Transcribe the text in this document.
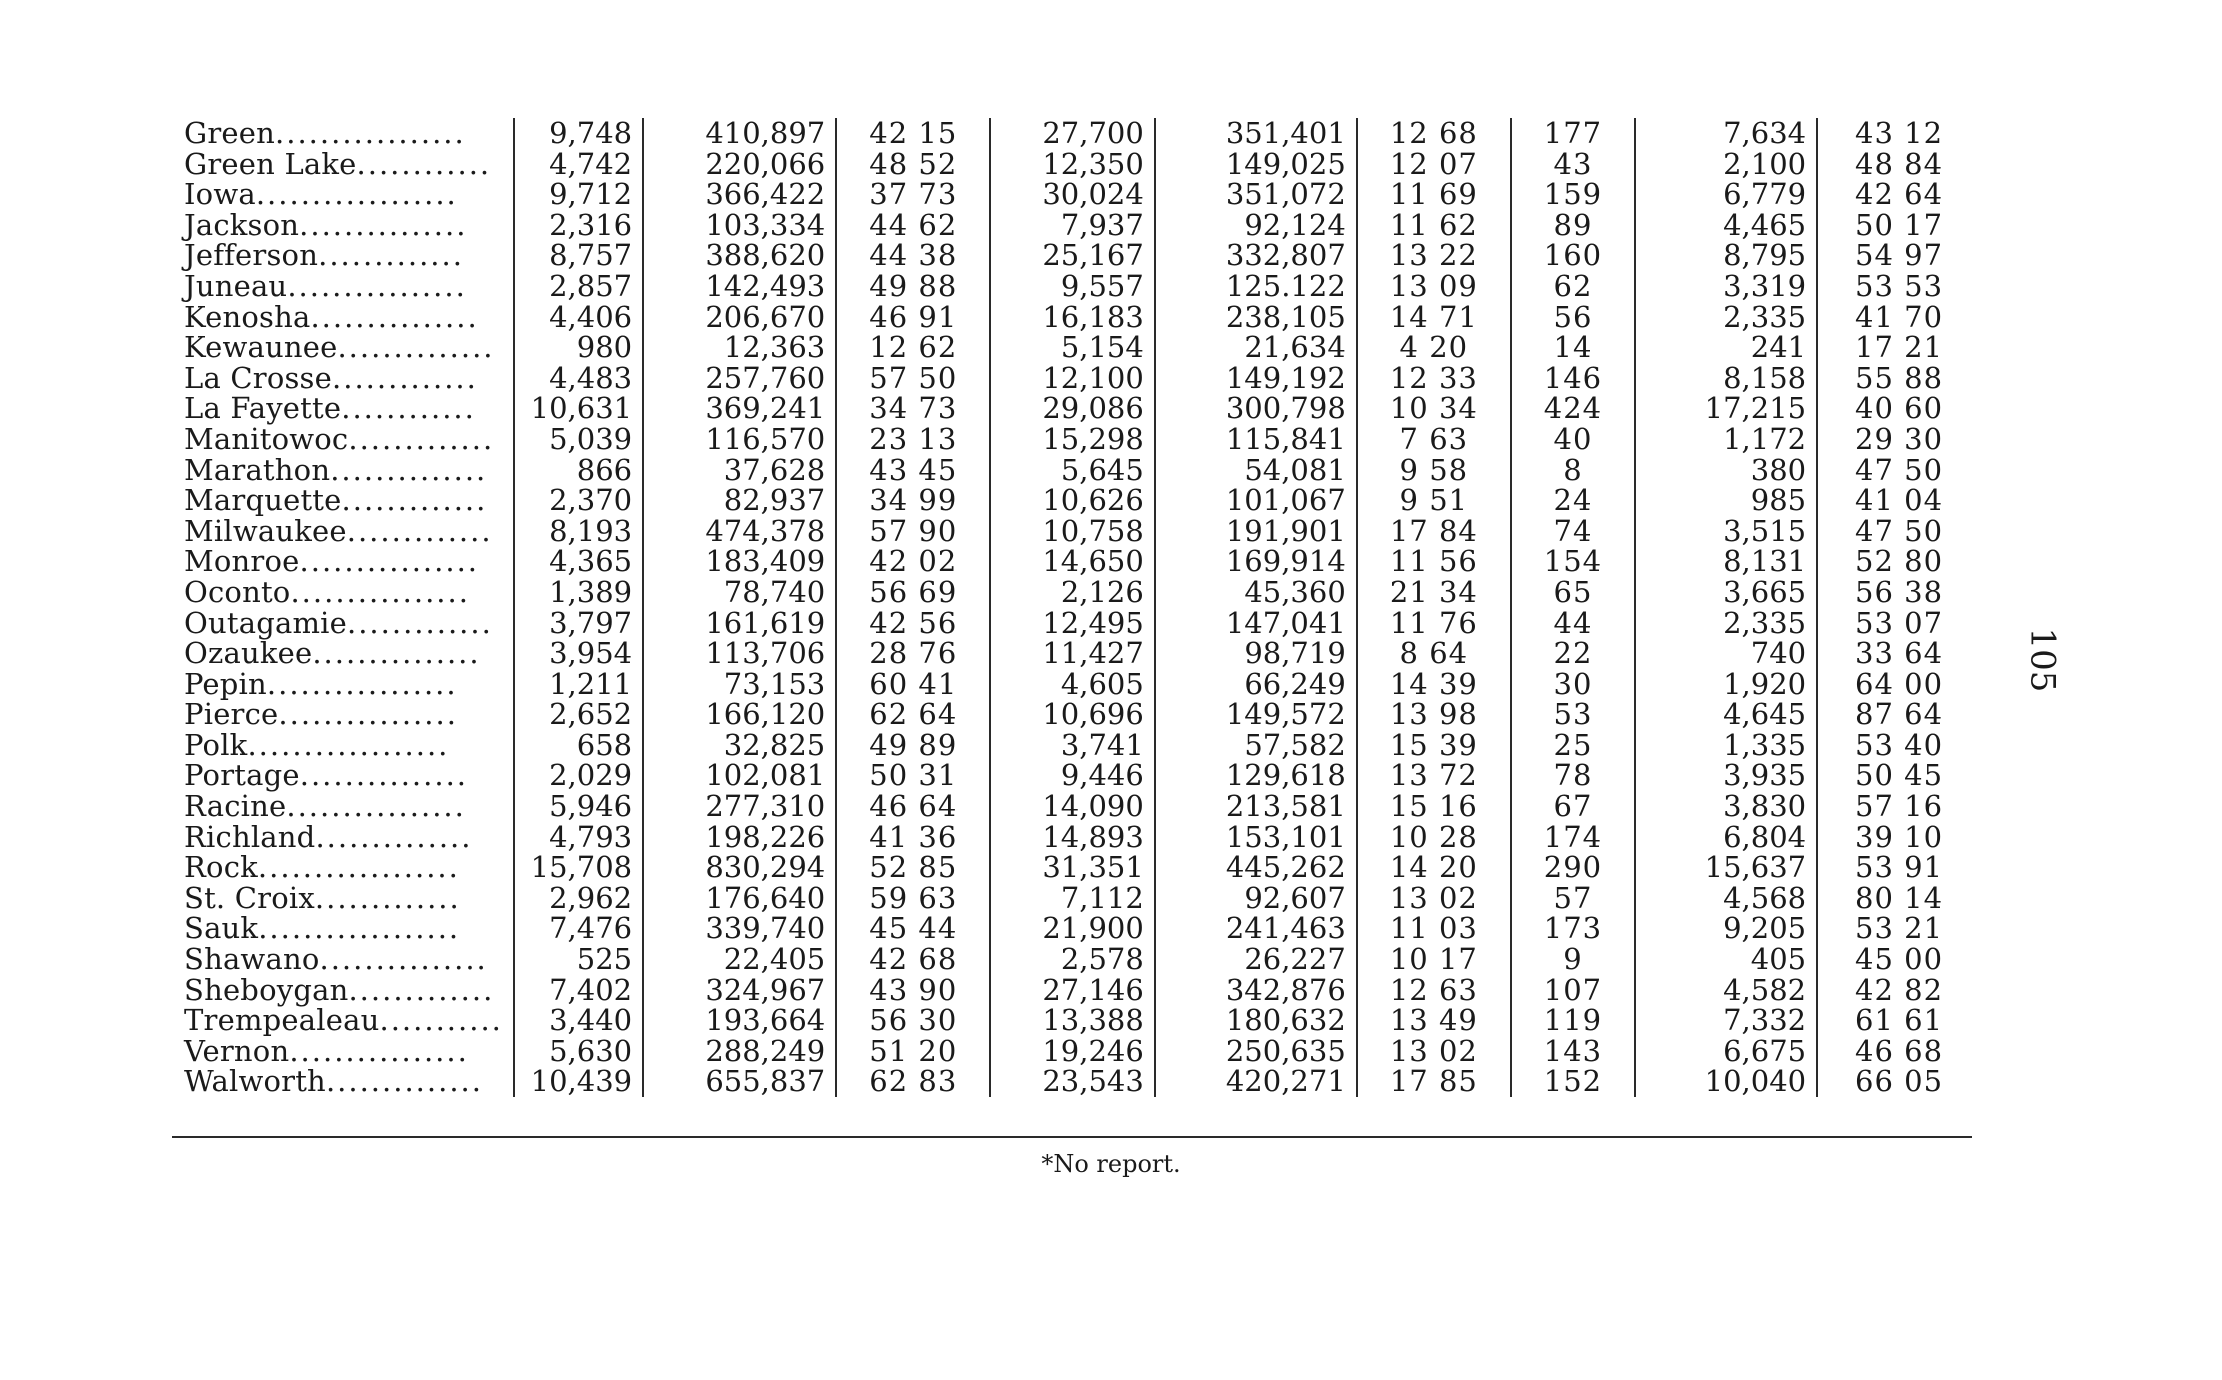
Green.................	9,748	410,897	42 15	27,700	351,401	12 68	177	7,634	43 12
Green Lake............	4,742	220,066	48 52	12,350	149,025	12 07	43	2,100	48 84
Iowa..................	9,712	366,422	37 73	30,024	351,072	11 69	159	6,779	42 64
Jackson...............	2,316	103,334	44 62	7,937	92,124	11 62	89	4,465	50 17
Jefferson.............	8,757	388,620	44 38	25,167	332,807	13 22	160	8,795	54 97
Juneau................	2,857	142,493	49 88	9,557	125.122	13 09	62	3,319	53 53
Kenosha...............	4,406	206,670	46 91	16,183	238,105	14 71	56	2,335	41 70
Kewaunee..............	980	12,363	12 62	5,154	21,634	4 20	14	241	17 21
La Crosse.............	4,483	257,760	57 50	12,100	149,192	12 33	146	8,158	55 88
La Fayette............	10,631	369,241	34 73	29,086	300,798	10 34	424	17,215	40 60
Manitowoc.............	5,039	116,570	23 13	15,298	115,841	7 63	40	1,172	29 30
Marathon..............	866	37,628	43 45	5,645	54,081	9 58	8	380	47 50
Marquette.............	2,370	82,937	34 99	10,626	101,067	9 51	24	985	41 04
Milwaukee.............	8,193	474,378	57 90	10,758	191,901	17 84	74	3,515	47 50
Monroe................	4,365	183,409	42 02	14,650	169,914	11 56	154	8,131	52 80
Oconto................	1,389	78,740	56 69	2,126	45,360	21 34	65	3,665	56 38
Outagamie.............	3,797	161,619	42 56	12,495	147,041	11 76	44	2,335	53 07
Ozaukee...............	3,954	113,706	28 76	11,427	98,719	8 64	22	740	33 64
Pepin.................	1,211	73,153	60 41	4,605	66,249	14 39	30	1,920	64 00
Pierce................	2,652	166,120	62 64	10,696	149,572	13 98	53	4,645	87 64
Polk..................	658	32,825	49 89	3,741	57,582	15 39	25	1,335	53 40
Portage...............	2,029	102,081	50 31	9,446	129,618	13 72	78	3,935	50 45
Racine................	5,946	277,310	46 64	14,090	213,581	15 16	67	3,830	57 16
Richland..............	4,793	198,226	41 36	14,893	153,101	10 28	174	6,804	39 10
Rock..................	15,708	830,294	52 85	31,351	445,262	14 20	290	15,637	53 91
St. Croix.............	2,962	176,640	59 63	7,112	92,607	13 02	57	4,568	80 14
Sauk..................	7,476	339,740	45 44	21,900	241,463	11 03	173	9,205	53 21
Shawano...............	525	22,405	42 68	2,578	26,227	10 17	9	405	45 00
Sheboygan.............	7,402	324,967	43 90	27,146	342,876	12 63	107	4,582	42 82
Trempealeau...........	3,440	193,664	56 30	13,388	180,632	13 49	119	7,332	61 61
Vernon................	5,630	288,249	51 20	19,246	250,635	13 02	143	6,675	46 68
Walworth..............	10,439	655,837	62 83	23,543	420,271	17 85	152	10,040	66 05
*No report.
105
